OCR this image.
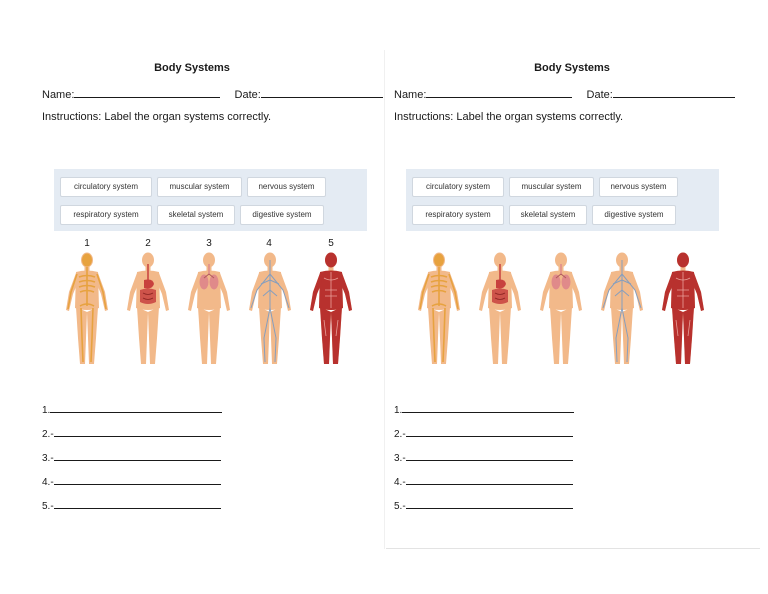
Body Systems
Name:	Date:
Instructions: Label the organ systems correctly.
circulatory system	muscular system	nervous system
respiratory system	skeletal system	digestive system
1	2	3	4	5
1.
2.-
3.-
4.-
5.-
Body Systems
Name:	Date:
Instructions: Label the organ systems correctly.
circulatory system	muscular system	nervous system
respiratory system	skeletal system	digestive system
1.
2.-
3.-
4.-
5.-
